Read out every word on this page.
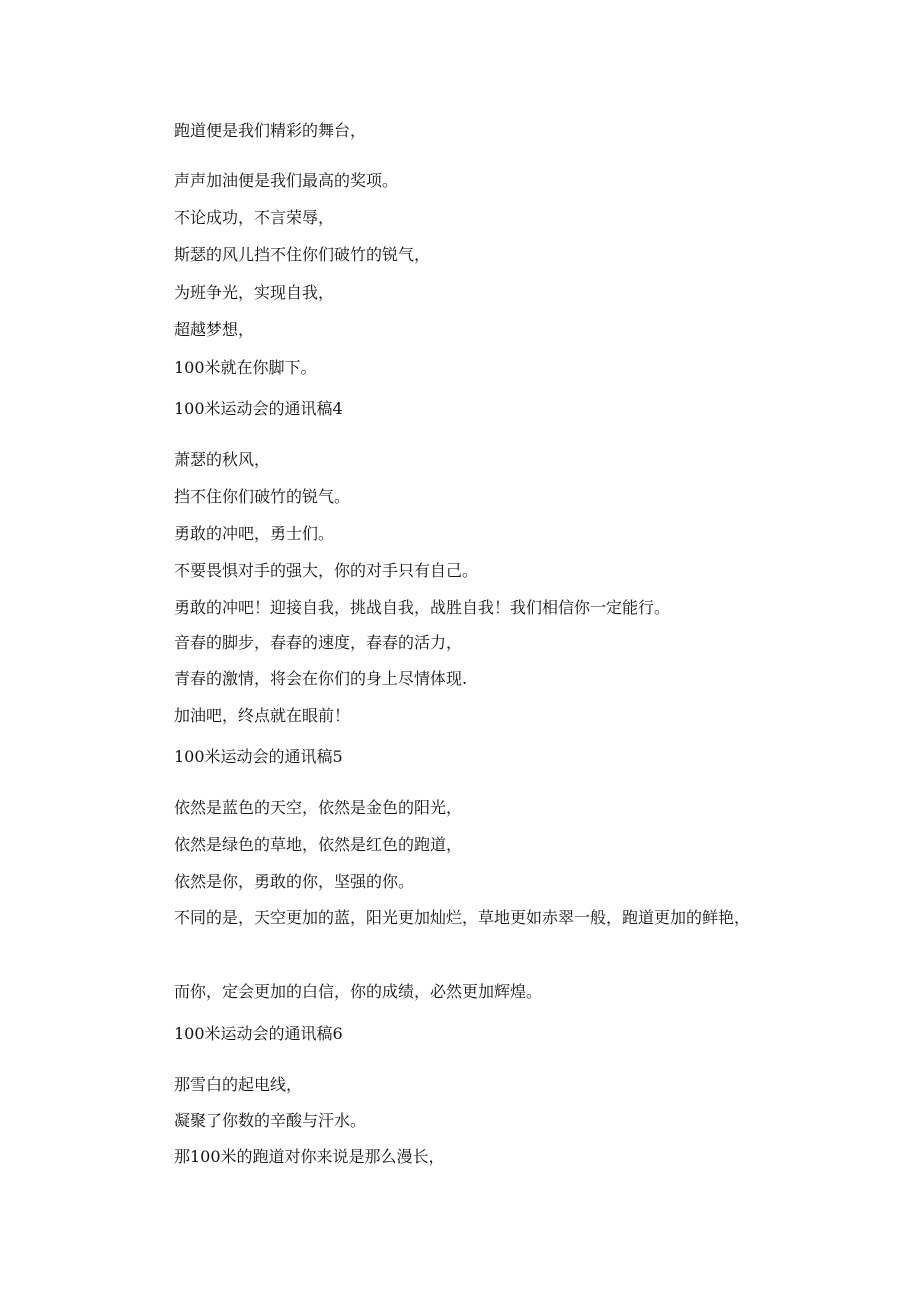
跑道便是我们精彩的舞台，

声声加油便是我们最高的奖项。

不论成功，不言荣辱，

斯瑟的风儿挡不住你们破竹的锐气，

为班争光，实现自我，

超越梦想，

100米就在你脚下。

100米运动会的通讯稿4

萧瑟的秋风，

挡不住你们破竹的锐气。

勇敢的冲吧，勇士们。

不要畏惧对手的强大，你的对手只有自己。

勇敢的冲吧！迎接自我，挑战自我，战胜自我！我们相信你一定能行。

音春的脚步，春春的速度，春春的活力，

青春的激情，将会在你们的身上尽情体现.

加油吧，终点就在眼前！

100米运动会的通讯稿5

依然是蓝色的天空，依然是金色的阳光，

依然是绿色的草地，依然是红色的跑道，

依然是你，勇敢的你，坚强的你。

不同的是，天空更加的蓝，阳光更加灿烂，草地更如赤翠一般，跑道更加的鲜艳，

而你，定会更加的白信，你的成绩，必然更加辉煌。

100米运动会的通讯稿6

那雪白的起电线，

凝聚了你数的辛酸与汗水。

那100米的跑道对你来说是那么漫长，
